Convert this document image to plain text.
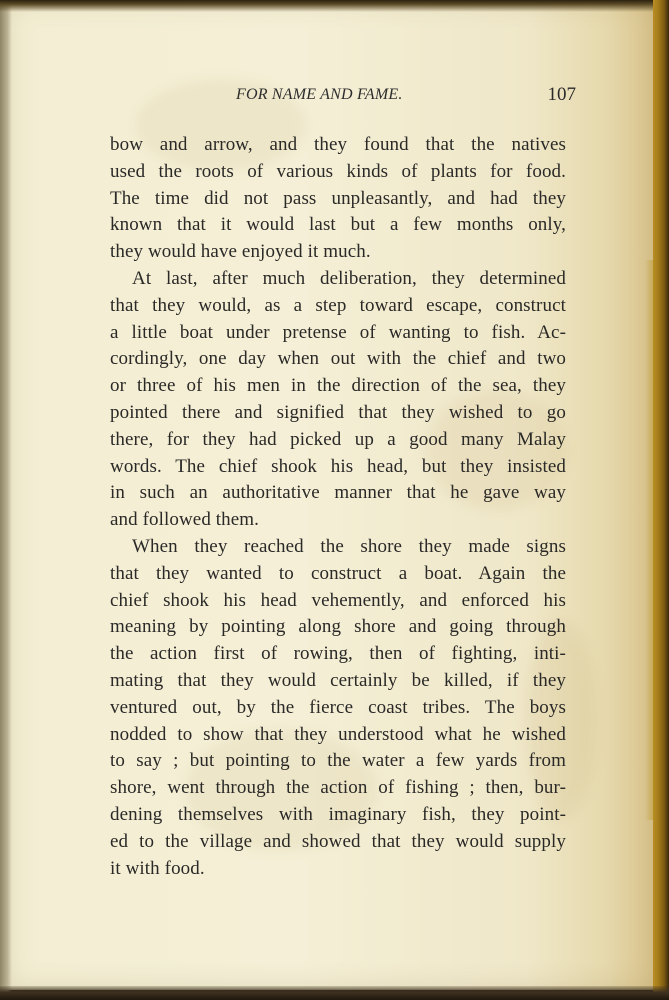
FOR NAME AND FAME.	107
bow and arrow, and they found that the natives
used the roots of various kinds of plants for food.
The time did not pass unpleasantly, and had they
known that it would last but a few months only,
they would have enjoyed it much.
At last, after much deliberation, they determined
that they would, as a step toward escape, construct
a little boat under pretense of wanting to fish. Ac-
cordingly, one day when out with the chief and two
or three of his men in the direction of the sea, they
pointed there and signified that they wished to go
there, for they had picked up a good many Malay
words. The chief shook his head, but they insisted
in such an authoritative manner that he gave way
and followed them.
When they reached the shore they made signs
that they wanted to construct a boat. Again the
chief shook his head vehemently, and enforced his
meaning by pointing along shore and going through
the action first of rowing, then of fighting, inti-
mating that they would certainly be killed, if they
ventured out, by the fierce coast tribes. The boys
nodded to show that they understood what he wished
to say ; but pointing to the water a few yards from
shore, went through the action of fishing ; then, bur-
dening themselves with imaginary fish, they point-
ed to the village and showed that they would supply
it with food.
